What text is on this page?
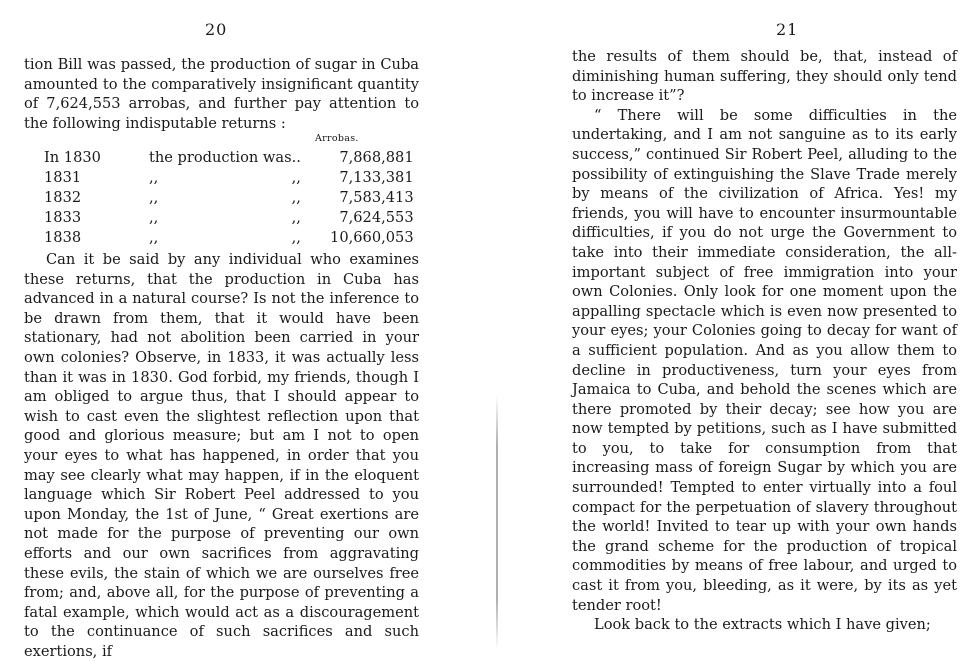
20

tion Bill was passed, the production of sugar in Cuba amounted to the comparatively insignificant quantity of 7,624,553 arrobas, and further pay attention to the following indisputable returns :

Arrobas.
In 1830	the production was	..	7,868,881
1831	,,	,,	7,133,381
1832	,,	,,	7,583,413
1833	,,	,,	7,624,553
1838	,,	,,	10,660,053

Can it be said by any individual who examines these returns, that the production in Cuba has advanced in a natural course? Is not the inference to be drawn from them, that it would have been stationary, had not abolition been carried in your own colonies? Observe, in 1833, it was actually less than it was in 1830. God forbid, my friends, though I am obliged to argue thus, that I should appear to wish to cast even the slightest reflection upon that good and glorious measure; but am I not to open your eyes to what has happened, in order that you may see clearly what may happen, if in the eloquent language which Sir Robert Peel addressed to you upon Monday, the 1st of June, “ Great exertions are not made for the purpose of preventing our own efforts and our own sacrifices from aggravating these evils, the stain of which we are ourselves free from; and, above all, for the purpose of preventing a fatal example, which would act as a discouragement to the continuance of such sacrifices and such exertions, if

21

the results of them should be, that, instead of diminishing human suffering, they should only tend to increase it”?

“ There will be some difficulties in the undertaking, and I am not sanguine as to its early success,” continued Sir Robert Peel, alluding to the possibility of extinguishing the Slave Trade merely by means of the civilization of Africa. Yes! my friends, you will have to encounter insurmountable difficulties, if you do not urge the Government to take into their immediate consideration, the all-important subject of free immigration into your own Colonies. Only look for one moment upon the appalling spectacle which is even now presented to your eyes; your Colonies going to decay for want of a sufficient population. And as you allow them to decline in productiveness, turn your eyes from Jamaica to Cuba, and behold the scenes which are there promoted by their decay; see how you are now tempted by petitions, such as I have submitted to you, to take for consumption from that increasing mass of foreign Sugar by which you are surrounded! Tempted to enter virtually into a foul compact for the perpetuation of slavery throughout the world! Invited to tear up with your own hands the grand scheme for the production of tropical commodities by means of free labour, and urged to cast it from you, bleeding, as it were, by its as yet tender root!

Look back to the extracts which I have given;
